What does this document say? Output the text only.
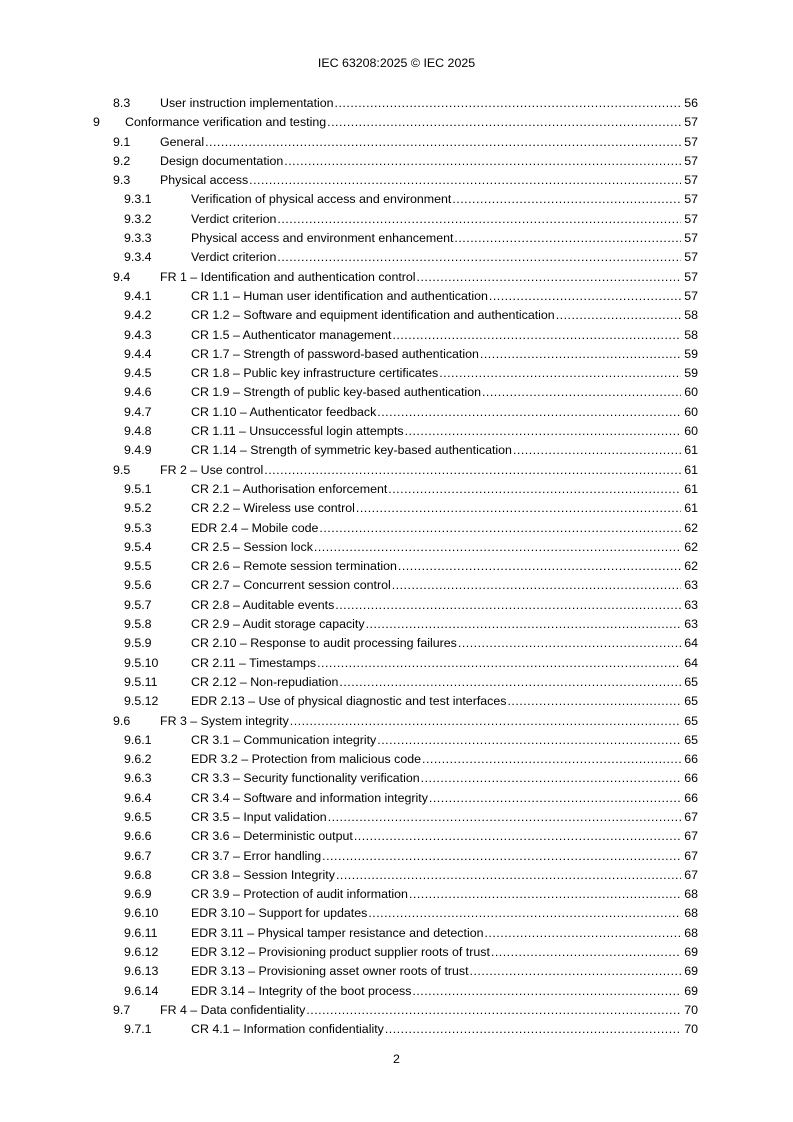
IEC 63208:2025 © IEC 2025
8.3 User instruction implementation .....	56
9 Conformance verification and testing .....	57
9.1 General .....	57
9.2 Design documentation .....	57
9.3 Physical access .....	57
9.3.1	Verification of physical access and environment .....	57
9.3.2	Verdict criterion .....	57
9.3.3	Physical access and environment enhancement .....	57
9.3.4	Verdict criterion .....	57
9.4 FR 1 – Identification and authentication control .....	57
9.4.1	CR 1.1 – Human user identification and authentication .....	57
9.4.2	CR 1.2 – Software and equipment identification and authentication .....	58
9.4.3	CR 1.5 – Authenticator management .....	58
9.4.4	CR 1.7 – Strength of password-based authentication .....	59
9.4.5	CR 1.8 – Public key infrastructure certificates .....	59
9.4.6	CR 1.9 – Strength of public key-based authentication .....	60
9.4.7	CR 1.10 – Authenticator feedback .....	60
9.4.8	CR 1.11 – Unsuccessful login attempts .....	60
9.4.9	CR 1.14 – Strength of symmetric key-based authentication .....	61
9.5 FR 2 – Use control .....	61
9.5.1	CR 2.1 – Authorisation enforcement .....	61
9.5.2	CR 2.2 – Wireless use control .....	61
9.5.3	EDR 2.4 – Mobile code .....	62
9.5.4	CR 2.5 – Session lock .....	62
9.5.5	CR 2.6 – Remote session termination .....	62
9.5.6	CR 2.7 – Concurrent session control .....	63
9.5.7	CR 2.8 – Auditable events .....	63
9.5.8	CR 2.9 – Audit storage capacity .....	63
9.5.9	CR 2.10 – Response to audit processing failures .....	64
9.5.10	CR 2.11 – Timestamps .....	64
9.5.11	CR 2.12 – Non-repudiation .....	65
9.5.12	EDR 2.13 – Use of physical diagnostic and test interfaces .....	65
9.6 FR 3 – System integrity .....	65
9.6.1	CR 3.1 – Communication integrity .....	65
9.6.2	EDR 3.2 – Protection from malicious code .....	66
9.6.3	CR 3.3 – Security functionality verification .....	66
9.6.4	CR 3.4 – Software and information integrity .....	66
9.6.5	CR 3.5 – Input validation .....	67
9.6.6	CR 3.6 – Deterministic output .....	67
9.6.7	CR 3.7 – Error handling .....	67
9.6.8	CR 3.8 – Session Integrity .....	67
9.6.9	CR 3.9 – Protection of audit information .....	68
9.6.10	EDR 3.10 – Support for updates .....	68
9.6.11	EDR 3.11 – Physical tamper resistance and detection .....	68
9.6.12	EDR 3.12 – Provisioning product supplier roots of trust .....	69
9.6.13	EDR 3.13 – Provisioning asset owner roots of trust .....	69
9.6.14	EDR 3.14 – Integrity of the boot process .....	69
9.7 FR 4 – Data confidentiality .....	70
9.7.1	CR 4.1 – Information confidentiality .....	70
2
